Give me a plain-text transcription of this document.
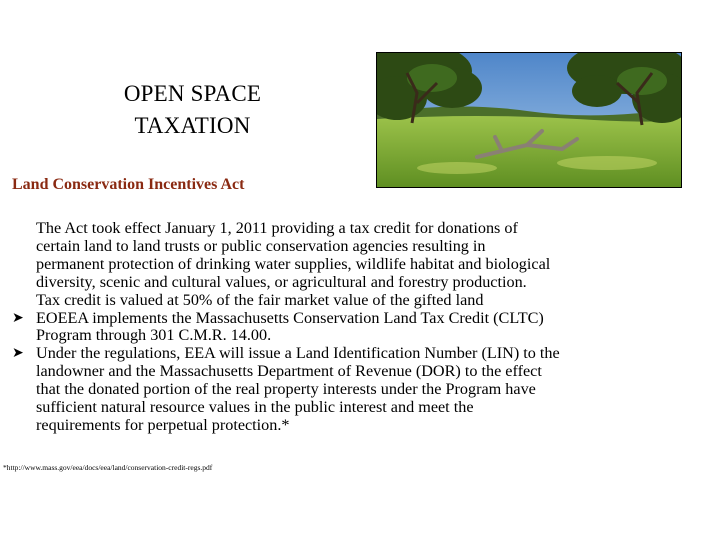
OPEN SPACE
TAXATION
Land Conservation Incentives Act
The Act took effect January 1, 2011 providing a tax credit for donations of
certain land to land trusts or public conservation agencies resulting in
permanent protection of drinking water supplies, wildlife habitat and biological
diversity, scenic and cultural values, or agricultural and forestry production.
Tax credit is valued at 50% of the fair market value of the gifted land
➤ EOEEA implements the Massachusetts Conservation Land Tax Credit (CLTC)
Program through 301 C.M.R. 14.00.
➤ Under the regulations, EEA will issue a Land Identification Number (LIN) to the
landowner and the Massachusetts Department of Revenue (DOR) to the effect
that the donated portion of the real property interests under the Program have
sufficient natural resource values in the public interest and meet the
requirements for perpetual protection.*
*http://www.mass.gov/eea/docs/eea/land/conservation-credit-regs.pdf
